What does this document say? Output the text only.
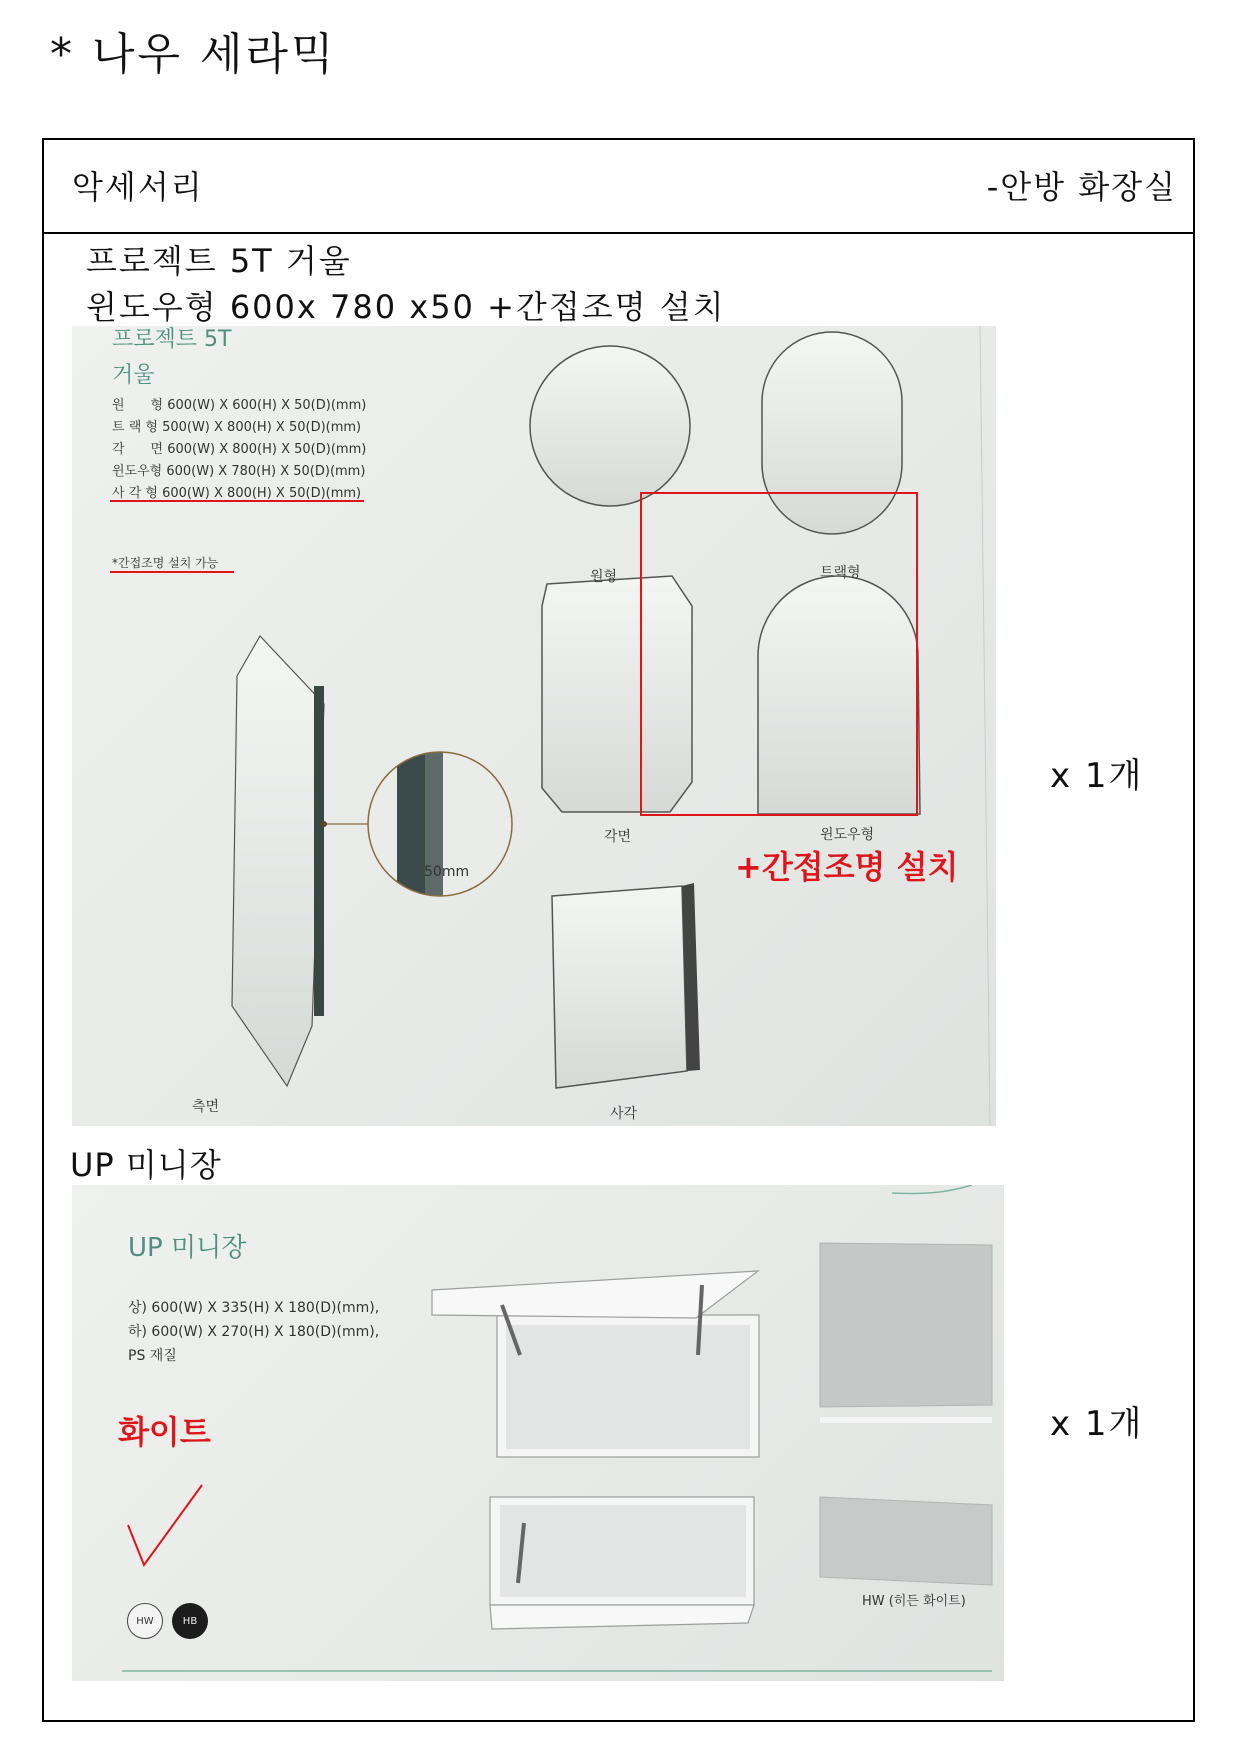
* 나우 세라믹
악세서리	-안방 화장실
프로젝트 5T 거울
윈도우형 600x 780 x50 +간접조명 설치
프로젝트 5T
거울
원　　형 600(W) X 600(H) X 50(D)(mm)
트 랙 형 500(W) X 800(H) X 50(D)(mm)
각　　면 600(W) X 800(H) X 50(D)(mm)
윈도우형 600(W) X 780(H) X 50(D)(mm)
사 각 형 600(W) X 800(H) X 50(D)(mm)
*간접조명 설치 가능
원형	트랙형
각면	윈도우형
사각
측면
50mm	+간접조명 설치
x 1개
UP 미니장
UP 미니장
상) 600(W) X 335(H) X 180(D)(mm),
하) 600(W) X 270(H) X 180(D)(mm),
PS 재질
화이트
HW	HB
HW (히든 화이트)
x 1개
